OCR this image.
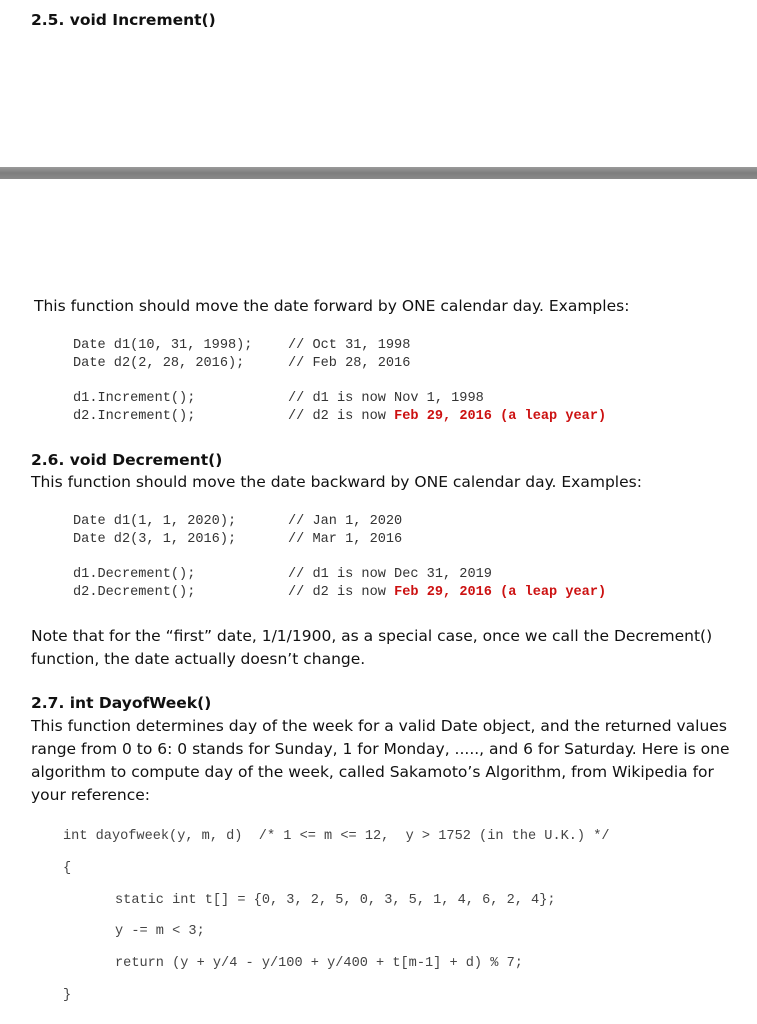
2.5. void Increment()
This function should move the date forward by ONE calendar day. Examples:
Date d1(10, 31, 1998);	// Oct 31, 1998
Date d2(2, 28, 2016);	// Feb 28, 2016
d1.Increment();	// d1 is now Nov 1, 1998
d2.Increment();	// d2 is now Feb 29, 2016 (a leap year)
2.6. void Decrement()
This function should move the date backward by ONE calendar day. Examples:
Date d1(1, 1, 2020);	// Jan 1, 2020
Date d2(3, 1, 2016);	// Mar 1, 2016
d1.Decrement();	// d1 is now Dec 31, 2019
d2.Decrement();	// d2 is now Feb 29, 2016 (a leap year)
Note that for the “first” date, 1/1/1900, as a special case, once we call the Decrement()
function, the date actually doesn’t change.
2.7. int DayofWeek()
This function determines day of the week for a valid Date object, and the returned values
range from 0 to 6: 0 stands for Sunday, 1 for Monday, ....., and 6 for Saturday. Here is one
algorithm to compute day of the week, called Sakamoto’s Algorithm, from Wikipedia for
your reference:
int dayofweek(y, m, d)  /* 1 <= m <= 12,  y > 1752 (in the U.K.) */
{
static int t[] = {0, 3, 2, 5, 0, 3, 5, 1, 4, 6, 2, 4};
y -= m < 3;
return (y + y/4 - y/100 + y/400 + t[m-1] + d) % 7;
}
